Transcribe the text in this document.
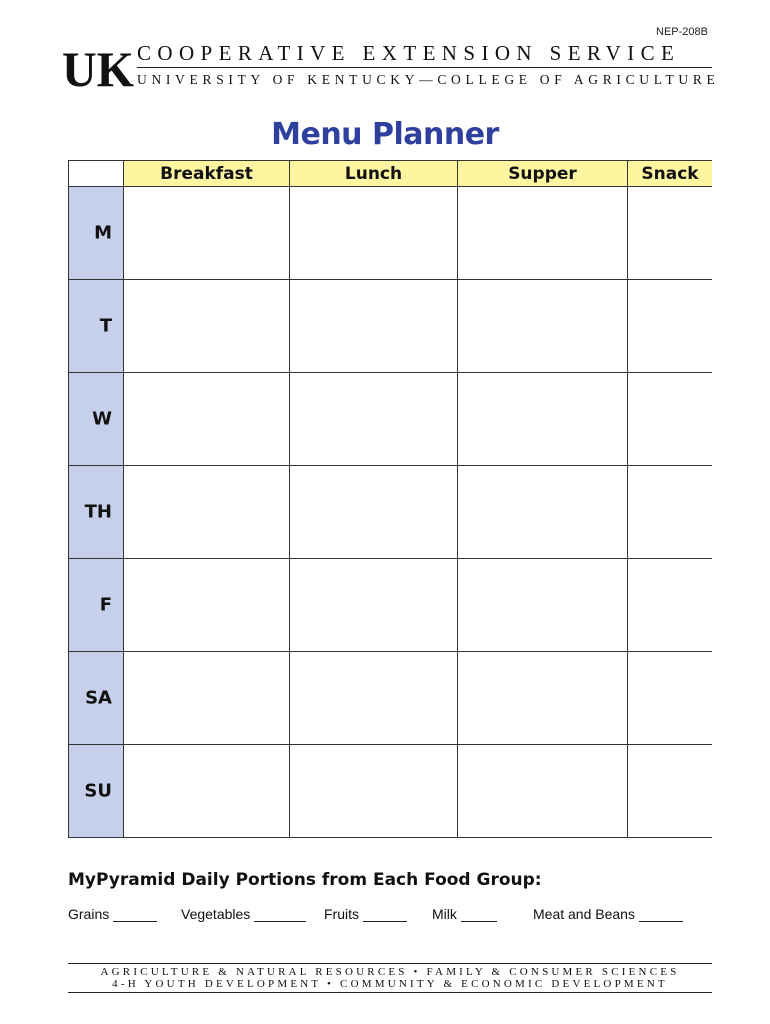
NEP-208B
UK COOPERATIVE EXTENSION SERVICE
UNIVERSITY OF KENTUCKY—COLLEGE OF AGRICULTURE
Menu Planner
Breakfast	Lunch	Supper	Snack
M
T
W
TH
F
SA
SU
MyPyramid Daily Portions from Each Food Group:
Grains	Vegetables	Fruits	Milk	Meat and Beans
AGRICULTURE & NATURAL RESOURCES • FAMILY & CONSUMER SCIENCES
4-H YOUTH DEVELOPMENT • COMMUNITY & ECONOMIC DEVELOPMENT
